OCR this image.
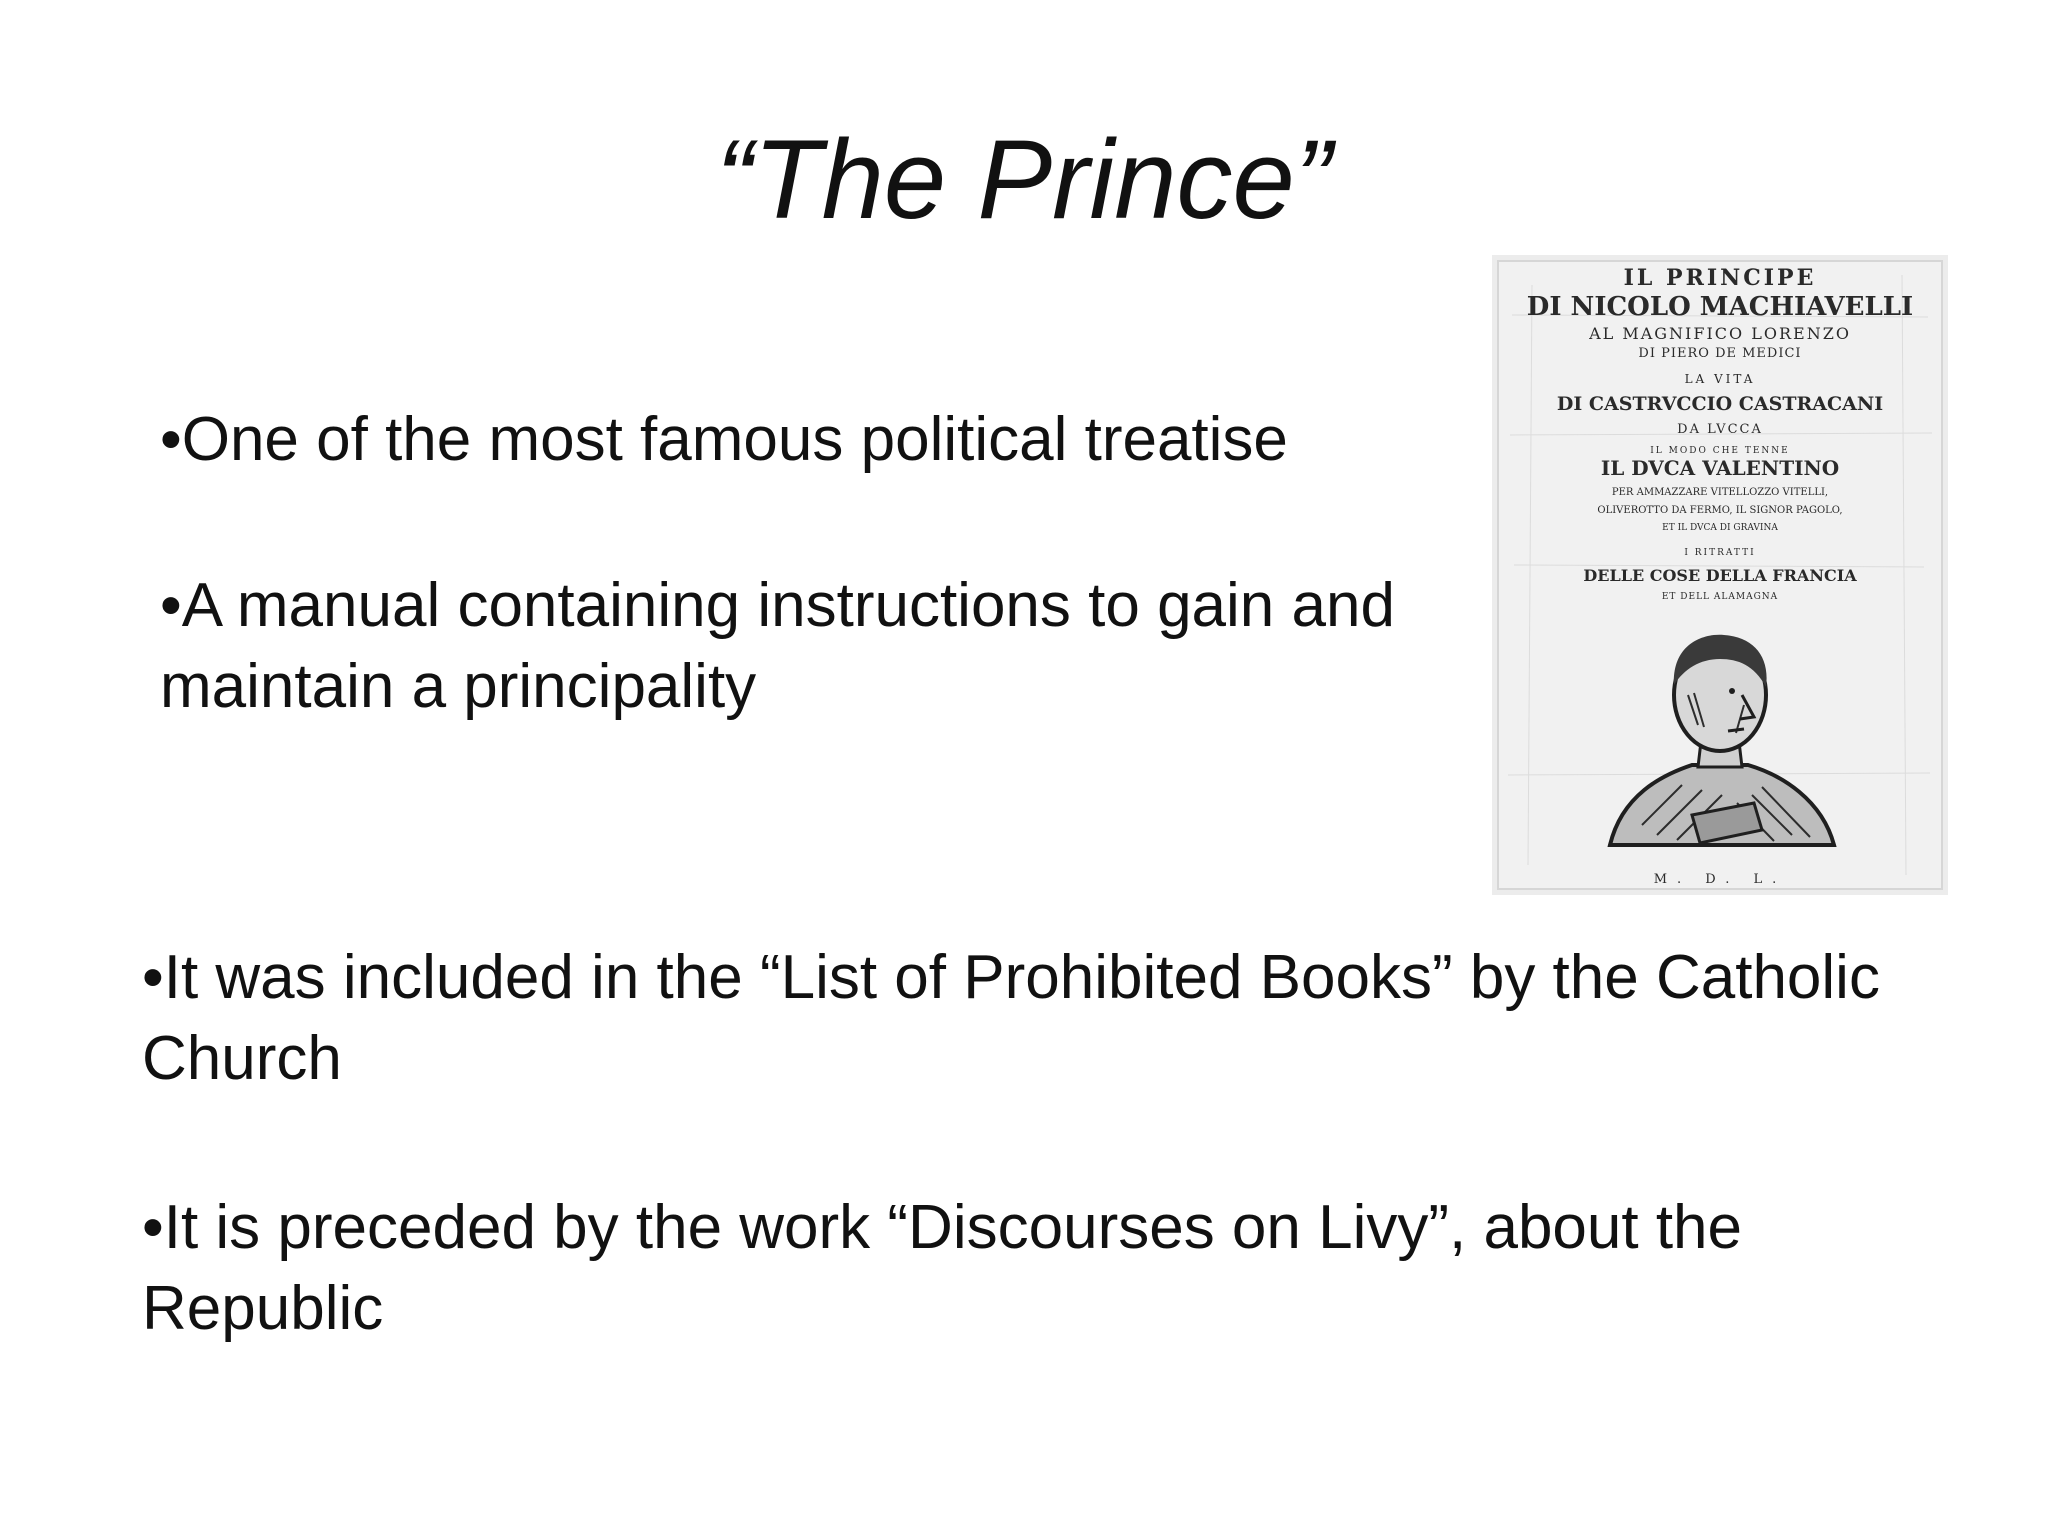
“The Prince”
•One of the most famous political treatise
•A manual containing instructions to gain and maintain a principality
•It was included in the “List of Prohibited Books” by the Catholic Church
•It is preceded by the work “Discourses on Livy”, about the Republic
IL PRINCIPE
DI NICOLO MACHIAVELLI
AL MAGNIFICO LORENZO
DI PIERO DE MEDICI
LA VITA
DI CASTRVCCIO CASTRACANI
DA LVCCA
IL MODO CHE TENNE
IL DVCA VALENTINO
PER AMMAZZARE VITELLOZZO VITELLI,
OLIVEROTTO DA FERMO, IL SIGNOR PAGOLO,
ET IL DVCA DI GRAVINA
I RITRATTI
DELLE COSE DELLA FRANCIA
ET DELL ALAMAGNA
M. D. L.
